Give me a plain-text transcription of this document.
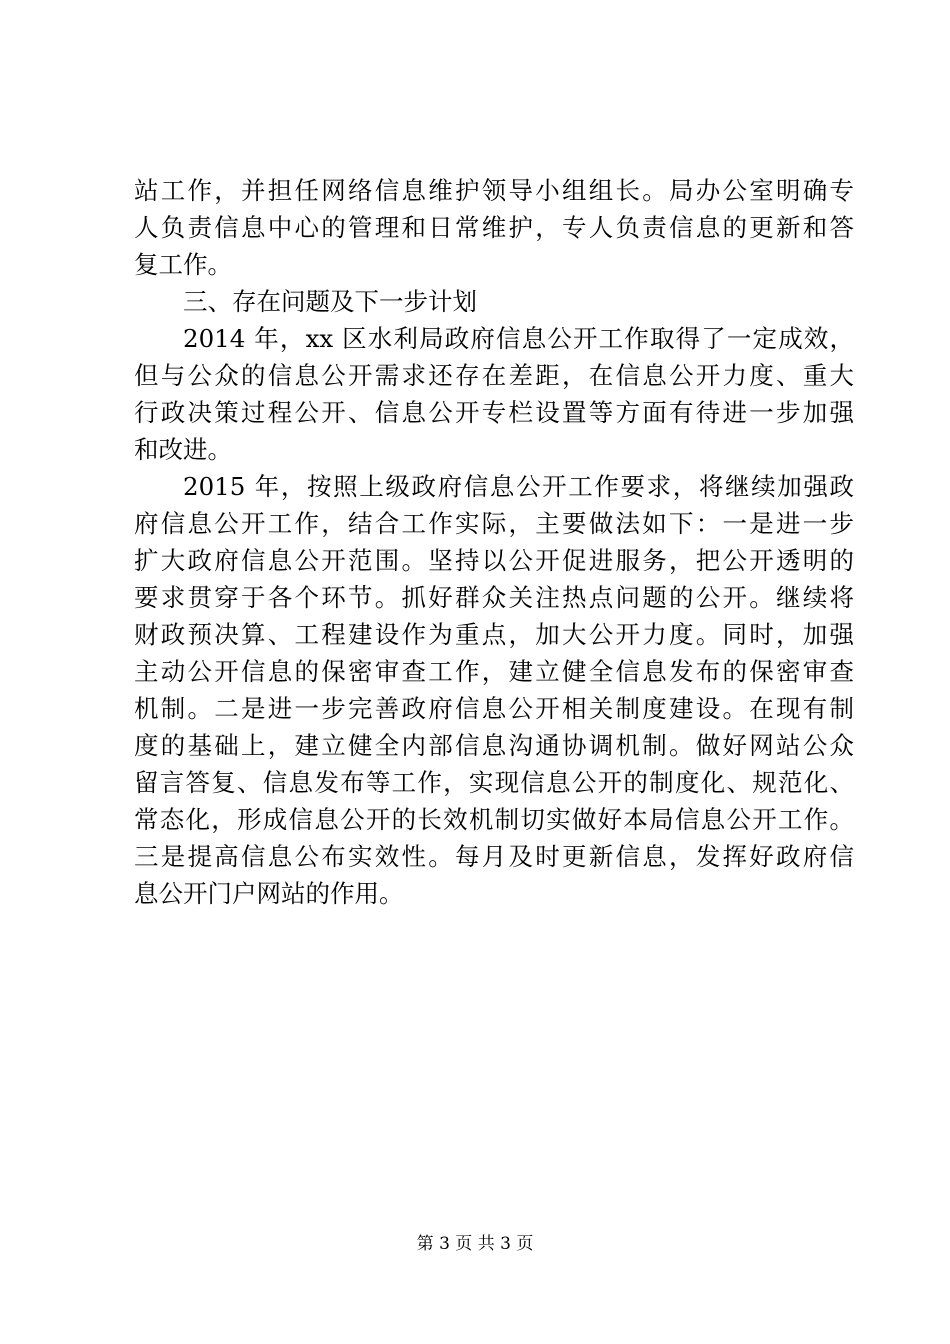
站工作，并担任网络信息维护领导小组组长。局办公室明确专
人负责信息中心的管理和日常维护，专人负责信息的更新和答
复工作。
三、存在问题及下一步计划
2014 年，xx 区水利局政府信息公开工作取得了一定成效，
但与公众的信息公开需求还存在差距，在信息公开力度、重大
行政决策过程公开、信息公开专栏设置等方面有待进一步加强
和改进。
2015 年，按照上级政府信息公开工作要求，将继续加强政
府信息公开工作，结合工作实际，主要做法如下：一是进一步
扩大政府信息公开范围。坚持以公开促进服务，把公开透明的
要求贯穿于各个环节。抓好群众关注热点问题的公开。继续将
财政预决算、工程建设作为重点，加大公开力度。同时，加强
主动公开信息的保密审查工作，建立健全信息发布的保密审查
机制。二是进一步完善政府信息公开相关制度建设。在现有制
度的基础上，建立健全内部信息沟通协调机制。做好网站公众
留言答复、信息发布等工作，实现信息公开的制度化、规范化、
常态化，形成信息公开的长效机制切实做好本局信息公开工作。
三是提高信息公布实效性。每月及时更新信息，发挥好政府信
息公开门户网站的作用。
第 3 页 共 3 页
